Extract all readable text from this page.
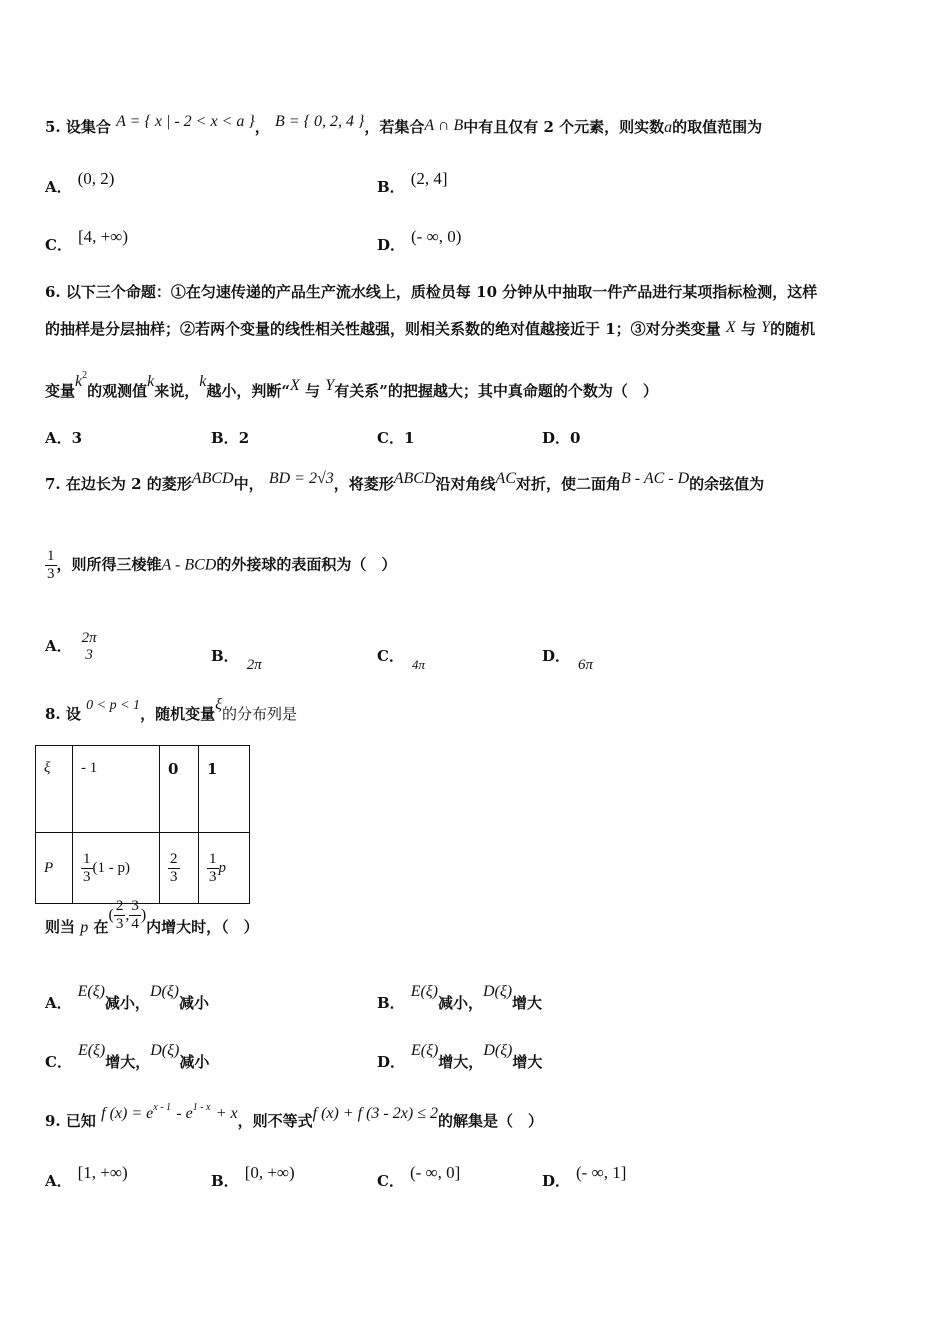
5. 设集合 A = { x | - 2 < x < a }， B = { 0, 2, 4 }，若集合A ∩ B中有且仅有 2 个元素，则实数a的取值范围为
A． (0, 2)	B． (2, 4]
C． [4, +∞)	D． (- ∞, 0)
6. 以下三个命题：①在匀速传递的产品生产流水线上，质检员每 10 分钟从中抽取一件产品进行某项指标检测，这样
的抽样是分层抽样；②若两个变量的线性相关性越强，则相关系数的绝对值越接近于 1；③对分类变量 X 与 Y的随机
变量$k^2$的观测值k来说，k越小，判断“X 与 Y有关系”的把握越大；其中真命题的个数为（　）
A．3	B．2	C．1	D．0
7. 在边长为 2 的菱形ABCD中， BD = 2√3，将菱形ABCD沿对角线AC对折，使二面角B - AC - D的余弦值为
$\frac{1}{3}$ ，则所得三棱锥A - BCD的外接球的表面积为（　）
A． 2π
3	B． 2π	C． 4π	D． 6π
8. 设 0 < p < 1，随机变量ξ的分布列是
ξ	- 1	0	1
P	$\frac{1}{3} (1 - p)$	$\frac{2}{3}$	$\frac{1}{3}$ p
则当 p 在( $\frac{2}{3}$ , $\frac{3}{4}$ )内增大时，（　）
A．E(ξ)减小，D(ξ)减小	B．E(ξ)减小，D(ξ)增大
C．E(ξ)增大，D(ξ)减小	D．E(ξ)增大，D(ξ)增大
9. 已知 f $(x) = e^{x - 1} - e^{1 - x} + x$，则不等式f (x) + f (3 - 2x) ≤ 2的解集是（　）
A． [1, +∞)	B． [0, +∞)	C． (- ∞, 0]	D． (- ∞, 1]
